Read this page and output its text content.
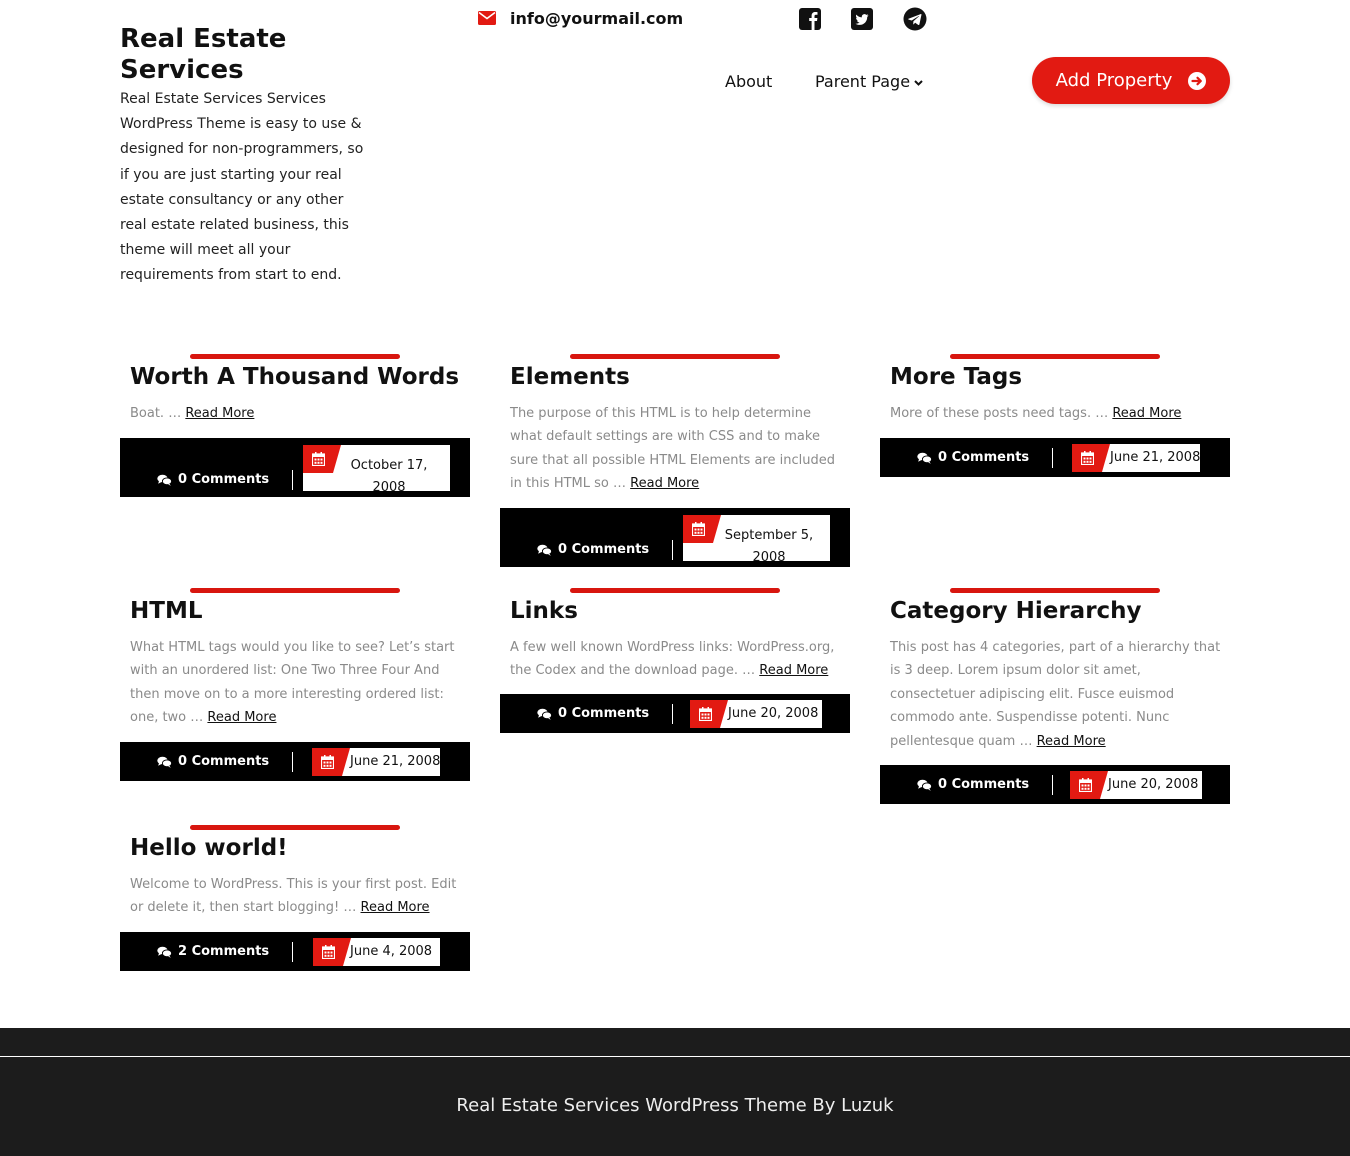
Real Estate Services
Real Estate Services Services WordPress Theme is easy to use & designed for non-programmers, so if you are just starting your real estate consultancy or any other real estate related business, this theme will meet all your requirements from start to end.
info@yourmail.com
About	Parent Page	Add Property
Worth A Thousand Words
Boat. … Read More
0 Comments
October 17, 2008
Elements
The purpose of this HTML is to help determine what default settings are with CSS and to make sure that all possible HTML Elements are included in this HTML so … Read More
0 Comments
September 5, 2008
More Tags
More of these posts need tags. … Read More
0 Comments	June 21, 2008
HTML
What HTML tags would you like to see? Let’s start with an unordered list: One Two Three Four And then move on to a more interesting ordered list: one, two … Read More
0 Comments	June 21, 2008
Links
A few well known WordPress links: WordPress.org, the Codex and the download page. … Read More
0 Comments	June 20, 2008
Category Hierarchy
This post has 4 categories, part of a hierarchy that is 3 deep. Lorem ipsum dolor sit amet, consectetuer adipiscing elit. Fusce euismod commodo ante. Suspendisse potenti. Nunc pellentesque quam … Read More
0 Comments	June 20, 2008
Hello world!
Welcome to WordPress. This is your first post. Edit or delete it, then start blogging! … Read More
2 Comments	June 4, 2008
Real Estate Services WordPress Theme By Luzuk
